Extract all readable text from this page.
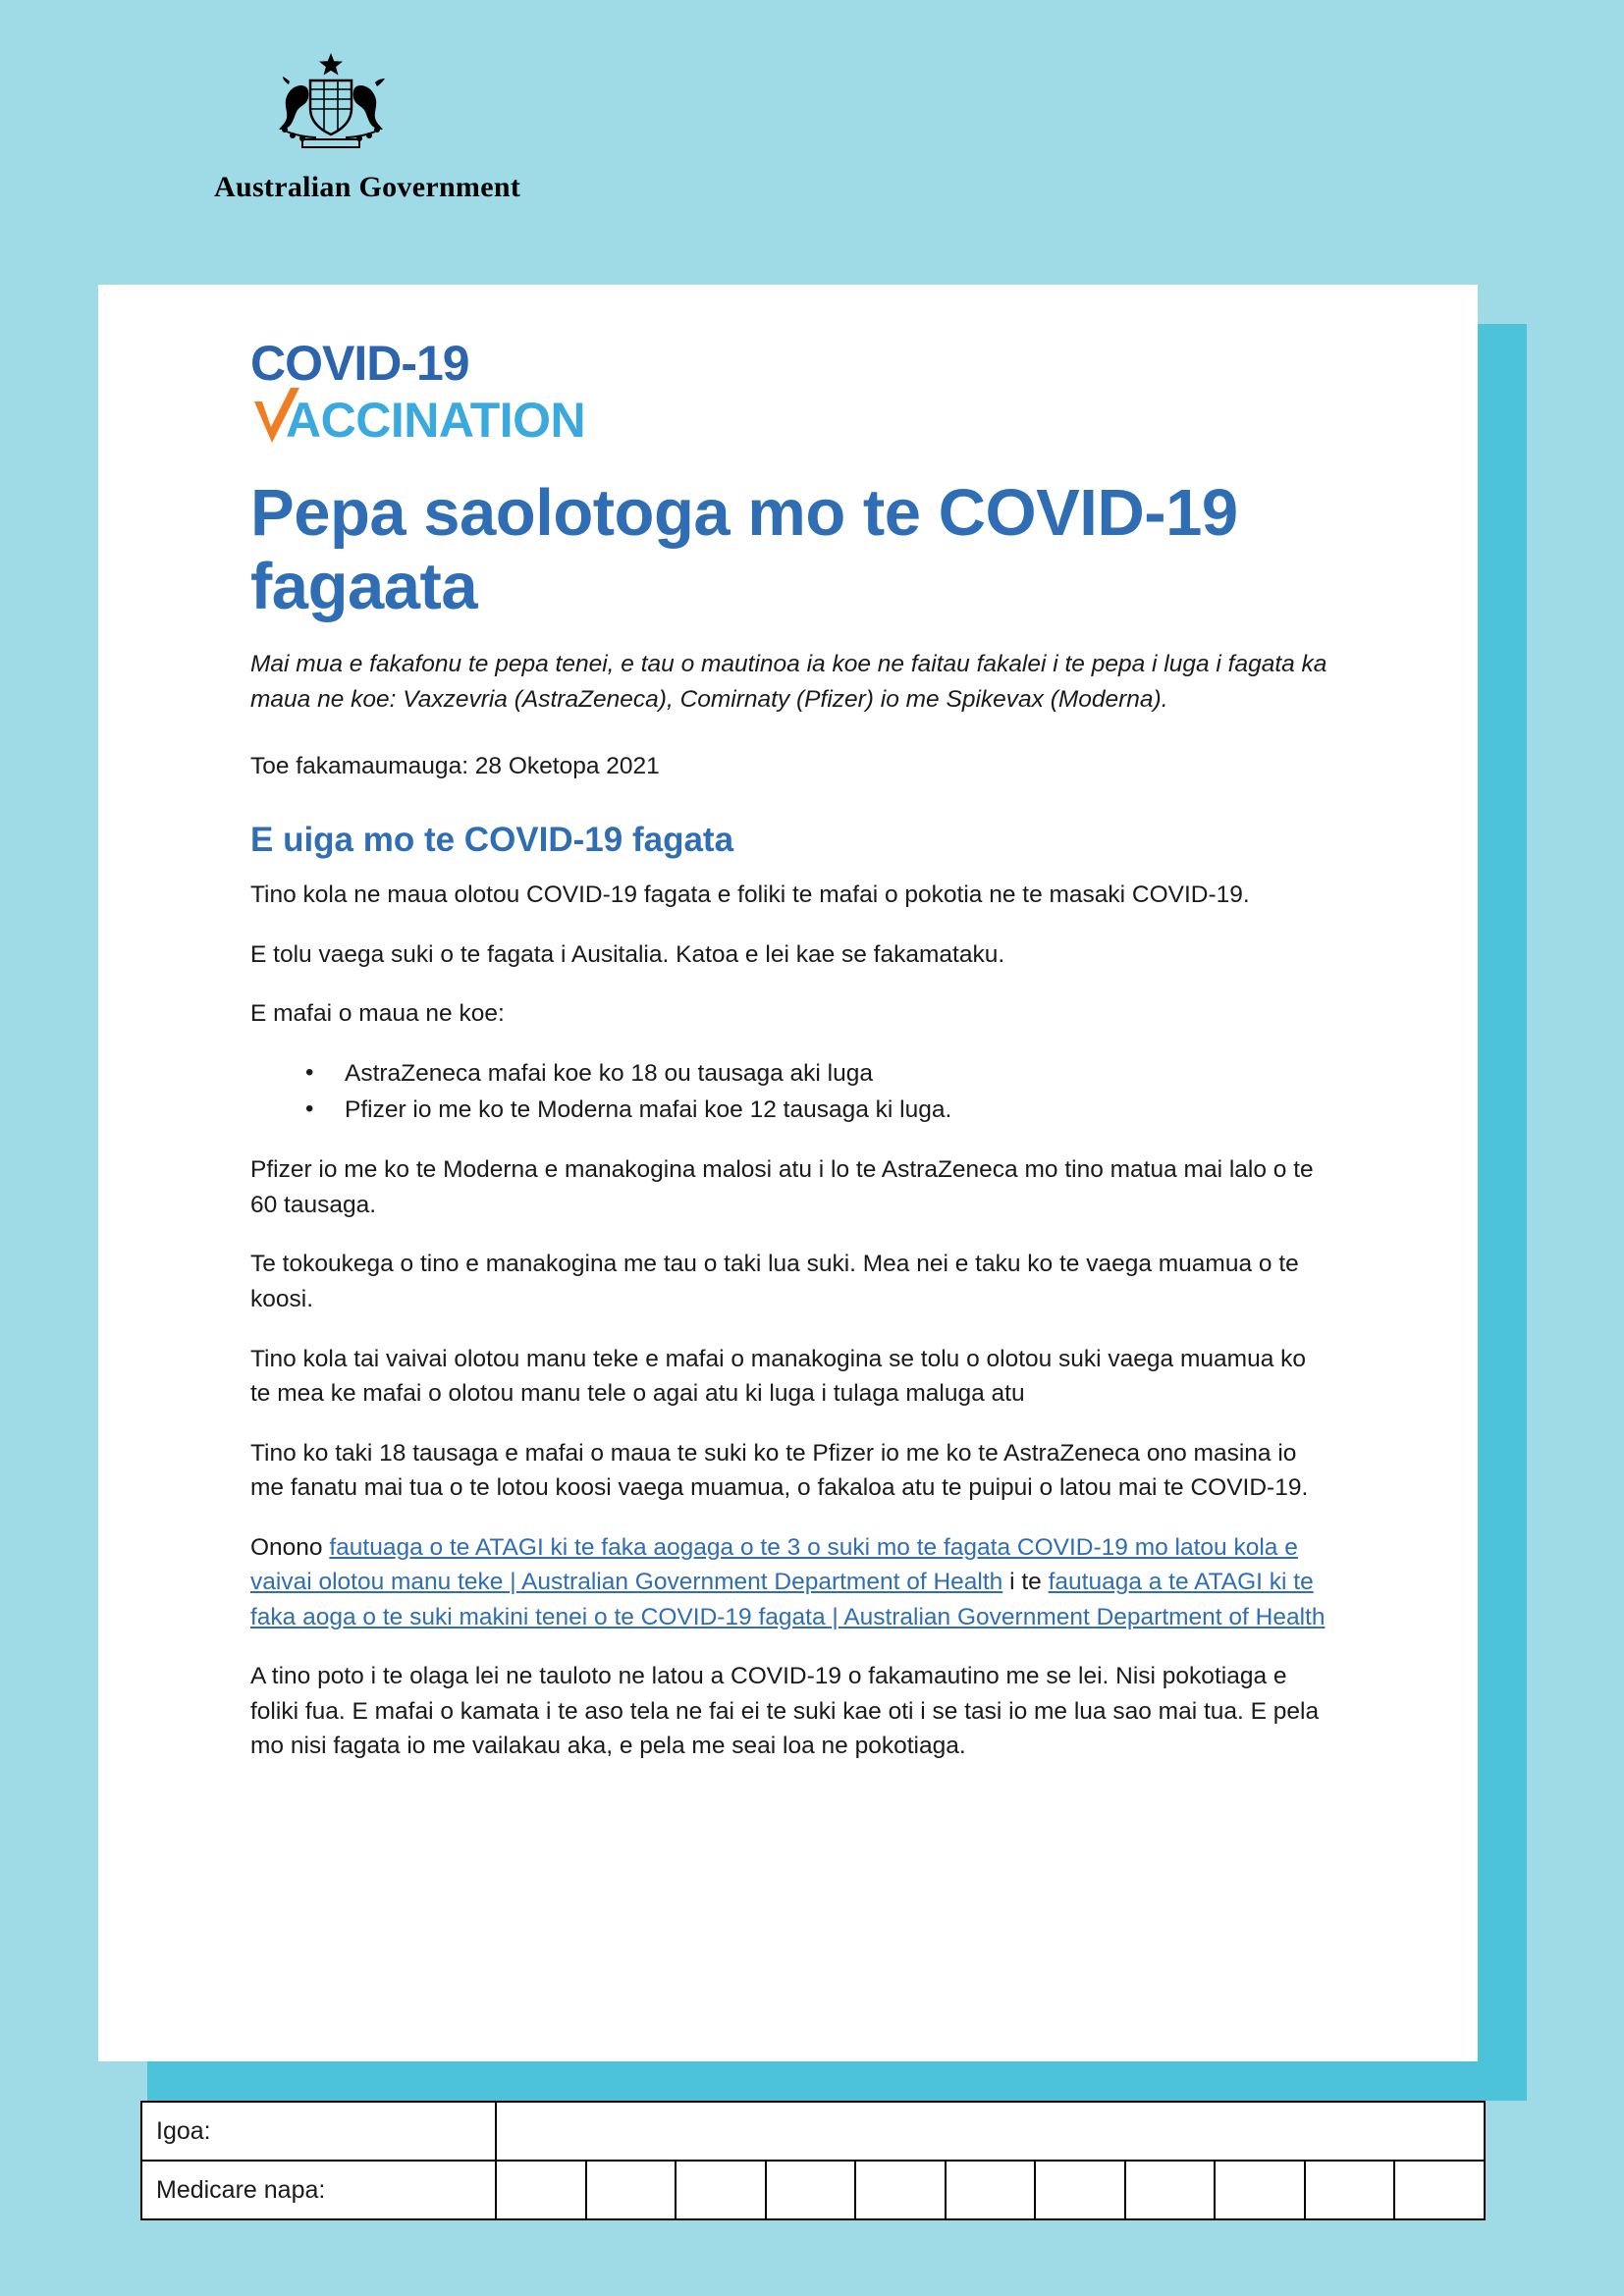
Australian Government
COVID-19
ACCINATION
Pepa saolotoga mo te COVID-19 fagaata

Mai mua e fakafonu te pepa tenei, e tau o mautinoa ia koe ne faitau fakalei i te pepa i luga i fagata ka maua ne koe: Vaxzevria (AstraZeneca), Comirnaty (Pfizer) io me Spikevax (Moderna).

Toe fakamaumauga: 28 Oketopa 2021

E uiga mo te COVID-19 fagata

Tino kola ne maua olotou COVID-19 fagata e foliki te mafai o pokotia ne te masaki COVID-19.

E tolu vaega suki o te fagata i Ausitalia. Katoa e lei kae se fakamataku.

E mafai o maua ne koe:

• AstraZeneca mafai koe ko 18 ou tausaga aki luga
• Pfizer io me ko te Moderna mafai koe 12 tausaga ki luga.

Pfizer io me ko te Moderna e manakogina malosi atu i lo te AstraZeneca mo tino matua mai lalo o te 60 tausaga.

Te tokoukega o tino e manakogina me tau o taki lua suki. Mea nei e taku ko te vaega muamua o te koosi.

Tino kola tai vaivai olotou manu teke e mafai o manakogina se tolu o olotou suki vaega muamua ko te mea ke mafai o olotou manu tele o agai atu ki luga i tulaga maluga atu

Tino ko taki 18 tausaga e mafai o maua te suki ko te Pfizer io me ko te AstraZeneca ono masina io me fanatu mai tua o te lotou koosi vaega muamua, o fakaloa atu te puipui o latou mai te COVID-19.

Onono fautuaga o te ATAGI ki te faka aogaga o te 3 o suki mo te fagata COVID-19 mo latou kola e vaivai olotou manu teke | Australian Government Department of Health i te fautuaga a te ATAGI ki te faka aoga o te suki makini tenei o te COVID-19 fagata | Australian Government Department of Health

A tino poto i te olaga lei ne tauloto ne latou a COVID-19 o fakamautino me se lei. Nisi pokotiaga e foliki fua. E mafai o kamata i te aso tela ne fai ei te suki kae oti i se tasi io me lua sao mai tua. E pela mo nisi fagata io me vailakau aka, e pela me seai loa ne pokotiaga.

Igoa:											
Medicare napa:											
